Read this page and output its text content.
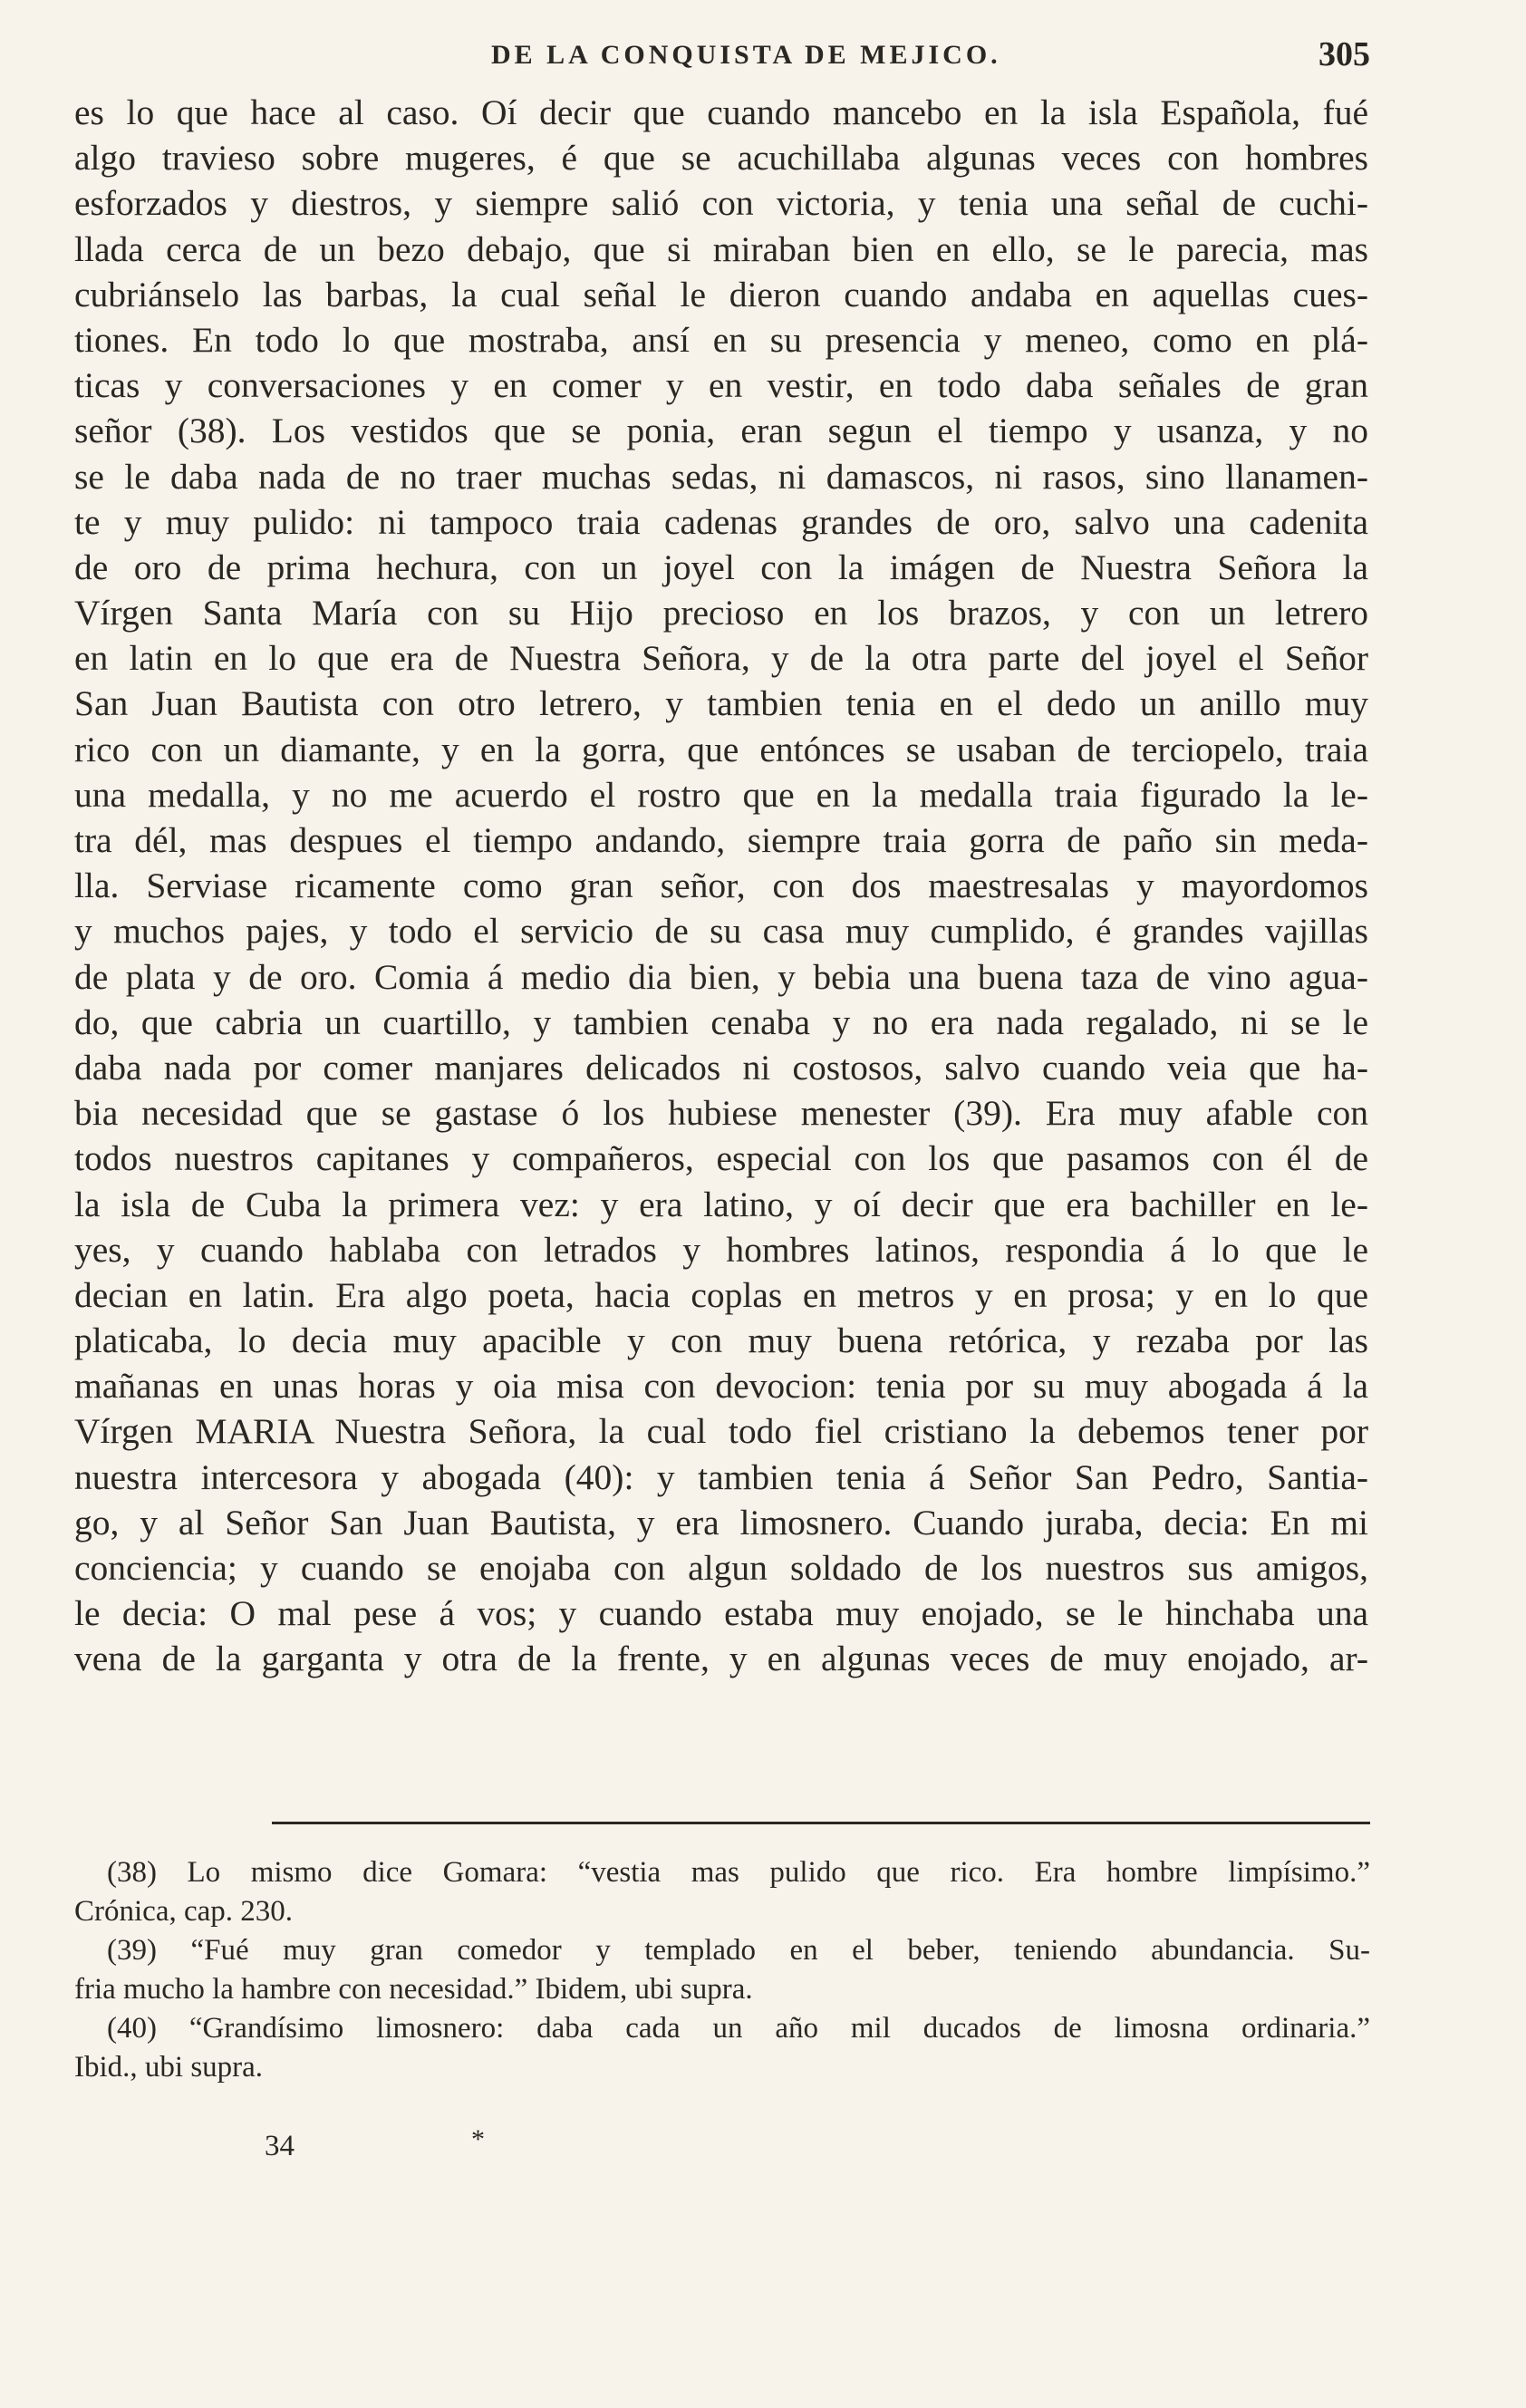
DE LA CONQUISTA DE MEJICO.	305
es lo que hace al caso. Oí decir que cuando mancebo en la isla Española, fué
algo travieso sobre mugeres, é que se acuchillaba algunas veces con hombres
esforzados y diestros, y siempre salió con victoria, y tenia una señal de cuchi-
llada cerca de un bezo debajo, que si miraban bien en ello, se le parecia, mas
cubriánselo las barbas, la cual señal le dieron cuando andaba en aquellas cues-
tiones. En todo lo que mostraba, ansí en su presencia y meneo, como en plá-
ticas y conversaciones y en comer y en vestir, en todo daba señales de gran
señor (38). Los vestidos que se ponia, eran segun el tiempo y usanza, y no
se le daba nada de no traer muchas sedas, ni damascos, ni rasos, sino llanamen-
te y muy pulido: ni tampoco traia cadenas grandes de oro, salvo una cadenita
de oro de prima hechura, con un joyel con la imágen de Nuestra Señora la
Vírgen Santa María con su Hijo precioso en los brazos, y con un letrero
en latin en lo que era de Nuestra Señora, y de la otra parte del joyel el Señor
San Juan Bautista con otro letrero, y tambien tenia en el dedo un anillo muy
rico con un diamante, y en la gorra, que entónces se usaban de terciopelo, traia
una medalla, y no me acuerdo el rostro que en la medalla traia figurado la le-
tra dél, mas despues el tiempo andando, siempre traia gorra de paño sin meda-
lla. Serviase ricamente como gran señor, con dos maestresalas y mayordomos
y muchos pajes, y todo el servicio de su casa muy cumplido, é grandes vajillas
de plata y de oro. Comia á medio dia bien, y bebia una buena taza de vino agua-
do, que cabria un cuartillo, y tambien cenaba y no era nada regalado, ni se le
daba nada por comer manjares delicados ni costosos, salvo cuando veia que ha-
bia necesidad que se gastase ó los hubiese menester (39). Era muy afable con
todos nuestros capitanes y compañeros, especial con los que pasamos con él de
la isla de Cuba la primera vez: y era latino, y oí decir que era bachiller en le-
yes, y cuando hablaba con letrados y hombres latinos, respondia á lo que le
decian en latin. Era algo poeta, hacia coplas en metros y en prosa; y en lo que
platicaba, lo decia muy apacible y con muy buena retórica, y rezaba por las
mañanas en unas horas y oia misa con devocion: tenia por su muy abogada á la
Vírgen MARIA Nuestra Señora, la cual todo fiel cristiano la debemos tener por
nuestra intercesora y abogada (40): y tambien tenia á Señor San Pedro, Santia-
go, y al Señor San Juan Bautista, y era limosnero. Cuando juraba, decia: En mi
conciencia; y cuando se enojaba con algun soldado de los nuestros sus amigos,
le decia: O mal pese á vos; y cuando estaba muy enojado, se le hinchaba una
vena de la garganta y otra de la frente, y en algunas veces de muy enojado, ar-
(38) Lo mismo dice Gomara: “vestia mas pulido que rico. Era hombre limpísimo.”
Crónica, cap. 230.
(39) “Fué muy gran comedor y templado en el beber, teniendo abundancia. Su-
fria mucho la hambre con necesidad.” Ibidem, ubi supra.
(40) “Grandísimo limosnero: daba cada un año mil ducados de limosna ordinaria.”
Ibid., ubi supra.
34	*
